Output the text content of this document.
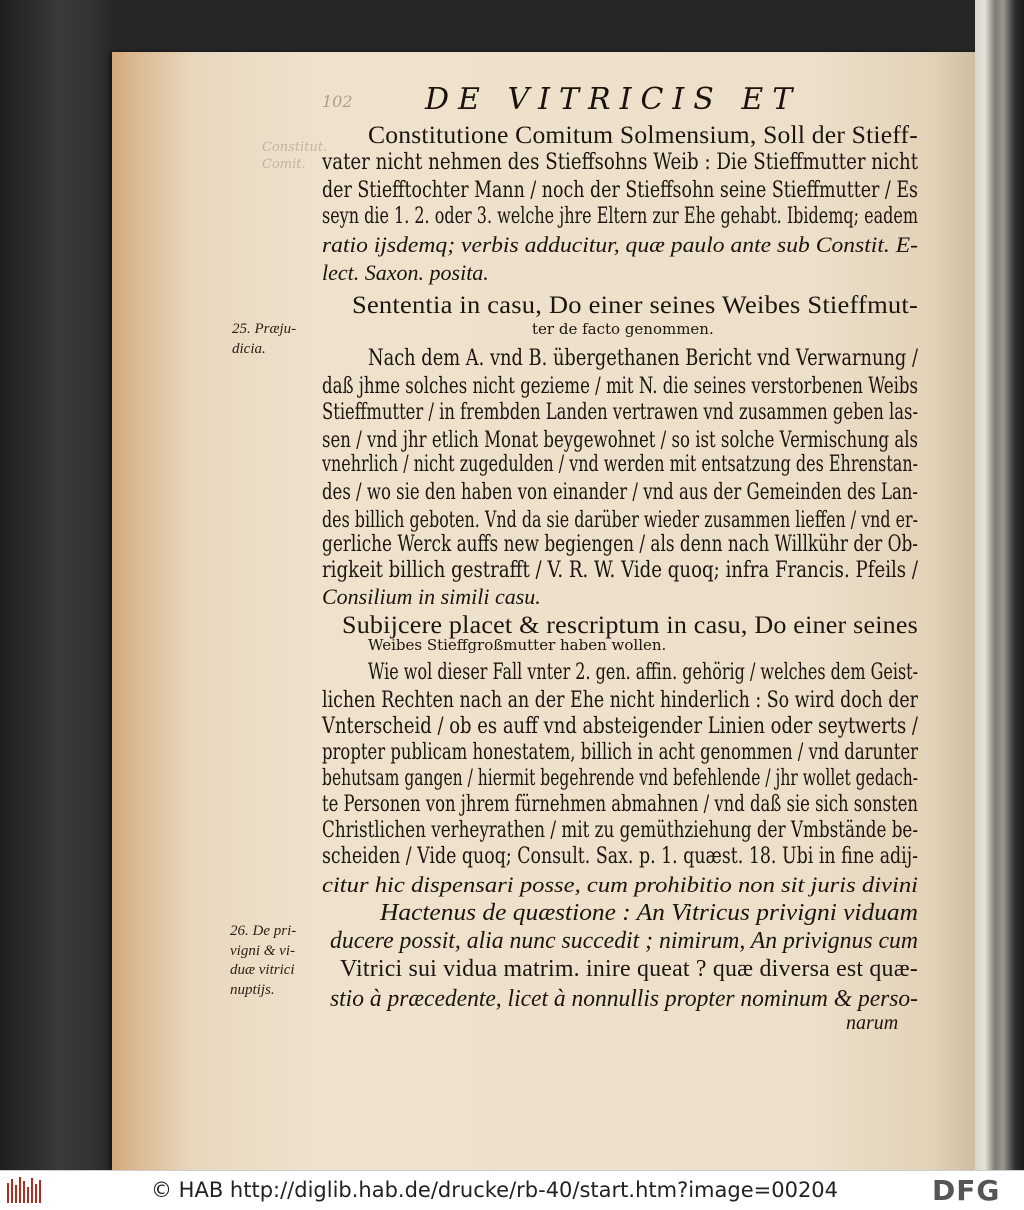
102 DE VITRICIS ET
Constitut.
Comit.
Constitutione Comitum Solmensium, Soll der Stieff-
vater nicht nehmen des Stieffsohns Weib : Die Stieffmutter nicht
der Stiefftochter Mann / noch der Stieffsohn seine Stieffmutter / Es
seyn die 1. 2. oder 3. welche jhre Eltern zur Ehe gehabt. Ibidemq; eadem
ratio ijsdemq; verbis adducitur, quæ paulo ante sub Constit. E-
lect. Saxon. posita.
Sententia in casu, Do einer seines Weibes Stieffmut-
ter de facto genommen.
Nach dem A. vnd B. übergethanen Bericht vnd Verwarnung /
daß jhme solches nicht gezieme / mit N. die seines verstorbenen Weibs
Stieffmutter / in frembden Landen vertrawen vnd zusammen geben las-
sen / vnd jhr etlich Monat beygewohnet / so ist solche Vermischung als
vnehrlich / nicht zugedulden / vnd werden mit entsatzung des Ehrenstan-
des / wo sie den haben von einander / vnd aus der Gemeinden des Lan-
des billich geboten. Vnd da sie darüber wieder zusammen lieffen / vnd er-
gerliche Werck auffs new begiengen / als denn nach Willkühr der Ob-
rigkeit billich gestrafft / V. R. W. Vide quoq; infra Francis. Pfeils /
Consilium in simili casu.
Subijcere placet & rescriptum in casu, Do einer seines
Weibes Stieffgroßmutter haben wollen.
Wie wol dieser Fall vnter 2. gen. affin. gehörig / welches dem Geist-
lichen Rechten nach an der Ehe nicht hinderlich : So wird doch der
Vnterscheid / ob es auff vnd absteigender Linien oder seytwerts /
propter publicam honestatem, billich in acht genommen / vnd darunter
behutsam gangen / hiermit begehrende vnd befehlende / jhr wollet gedach-
te Personen von jhrem fürnehmen abmahnen / vnd daß sie sich sonsten
Christlichen verheyrathen / mit zu gemüthziehung der Vmbstände be-
scheiden / Vide quoq; Consult. Sax. p. 1. quæst. 18. Ubi in fine adij-
citur hic dispensari posse, cum prohibitio non sit juris divini
Hactenus de quæstione : An Vitricus privigni viduam
ducere possit, alia nunc succedit ; nimirum, An privignus cum
Vitrici sui vidua matrim. inire queat ? quæ diversa est quæ-
stio à præcedente, licet à nonnullis propter nominum & perso-
narum
25. Præju-
dicia.
26. De pri-
vigni & vi-
duæ vitrici
nuptijs.
© HAB http://diglib.hab.de/drucke/rb-40/start.htm?image=00204	DFG
